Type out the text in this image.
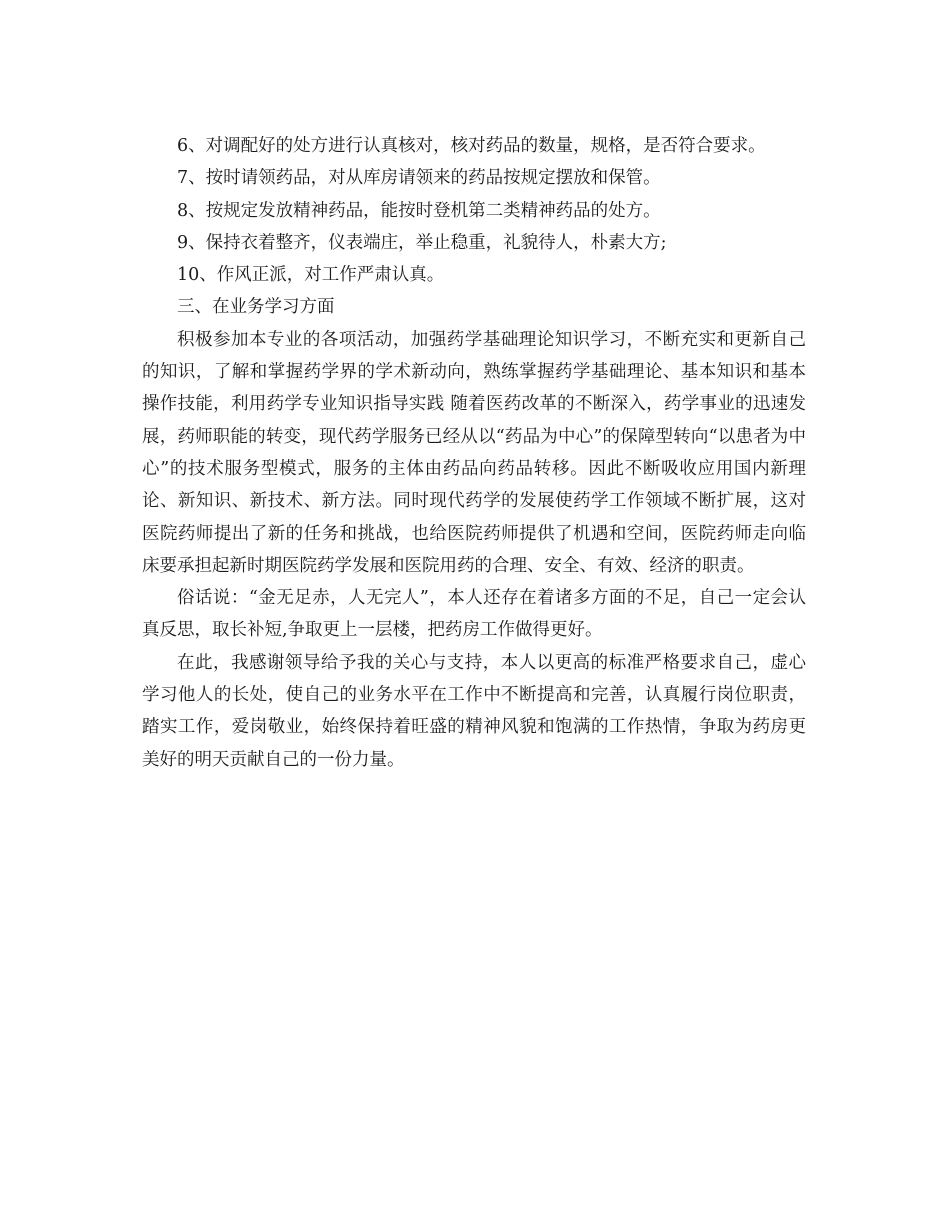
6、对调配好的处方进行认真核对，核对药品的数量，规格，是否符合要求。
7、按时请领药品，对从库房请领来的药品按规定摆放和保管。
8、按规定发放精神药品，能按时登机第二类精神药品的处方。
9、保持衣着整齐，仪表端庄，举止稳重，礼貌待人，朴素大方;
10、作风正派，对工作严肃认真。
三、在业务学习方面

积极参加本专业的各项活动，加强药学基础理论知识学习，不断充实和更新自己的知识，了解和掌握药学界的学术新动向，熟练掌握药学基础理论、基本知识和基本操作技能，利用药学专业知识指导实践 随着医药改革的不断深入，药学事业的迅速发展，药师职能的转变，现代药学服务已经从以“药品为中心”的保障型转向“以患者为中心”的技术服务型模式，服务的主体由药品向药品转移。因此不断吸收应用国内新理论、新知识、新技术、新方法。同时现代药学的发展使药学工作领域不断扩展，这对医院药师提出了新的任务和挑战，也给医院药师提供了机遇和空间，医院药师走向临床要承担起新时期医院药学发展和医院用药的合理、安全、有效、经济的职责。

俗话说：“金无足赤，人无完人”，本人还存在着诸多方面的不足，自己一定会认真反思，取长补短,争取更上一层楼，把药房工作做得更好。

在此，我感谢领导给予我的关心与支持，本人以更高的标准严格要求自己，虚心学习他人的长处，使自己的业务水平在工作中不断提高和完善，认真履行岗位职责，踏实工作，爱岗敬业，始终保持着旺盛的精神风貌和饱满的工作热情，争取为药房更美好的明天贡献自己的一份力量。
